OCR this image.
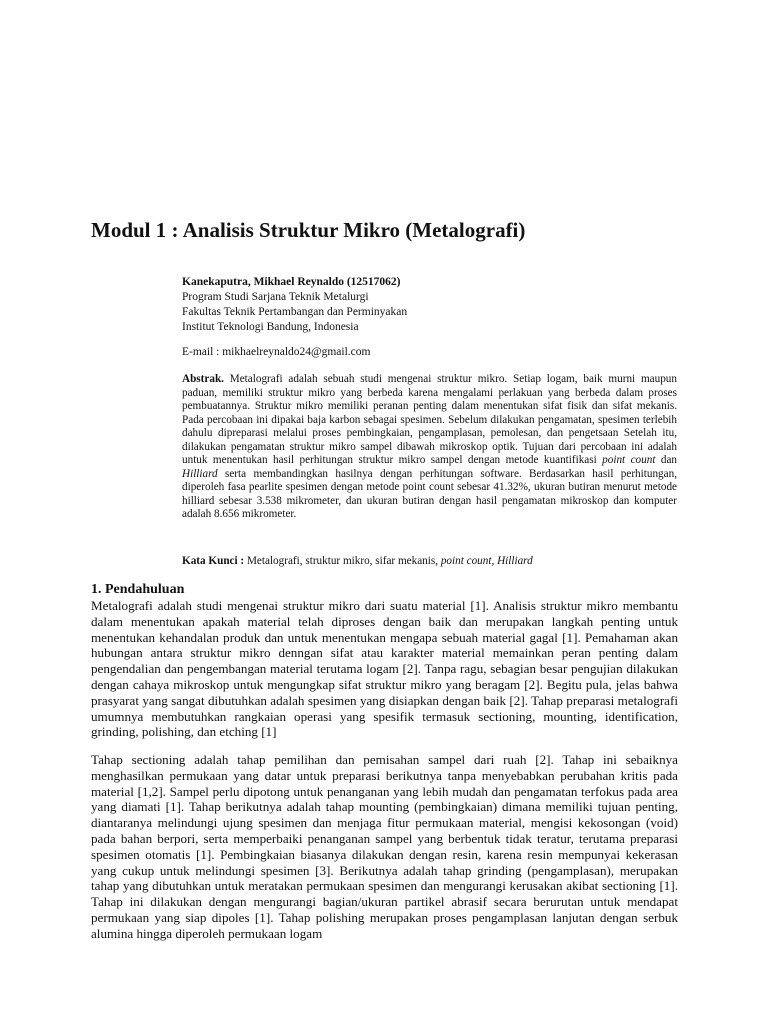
Modul 1 : Analisis Struktur Mikro (Metalografi)
Kanekaputra, Mikhael Reynaldo (12517062)
Program Studi Sarjana Teknik Metalurgi
Fakultas Teknik Pertambangan dan Perminyakan
Institut Teknologi Bandung, Indonesia
E-mail : mikhaelreynaldo24@gmail.com

Abstrak. Metalografi adalah sebuah studi mengenai struktur mikro. Setiap logam, baik murni maupun paduan, memiliki struktur mikro yang berbeda karena mengalami perlakuan yang berbeda dalam proses pembuatannya. Struktur mikro memiliki peranan penting dalam menentukan sifat fisik dan sifat mekanis. Pada percobaan ini dipakai baja karbon sebagai spesimen. Sebelum dilakukan pengamatan, spesimen terlebih dahulu dipreparasi melalui proses pembingkaian, pengamplasan, pemolesan, dan pengetsaan Setelah itu, dilakukan pengamatan struktur mikro sampel dibawah mikroskop optik. Tujuan dari percobaan ini adalah untuk menentukan hasil perhitungan struktur mikro sampel dengan metode kuantifikasi point count dan Hilliard serta membandingkan hasilnya dengan perhitungan software. Berdasarkan hasil perhitungan, diperoleh fasa pearlite spesimen dengan metode point count sebesar 41.32%, ukuran butiran menurut metode hilliard sebesar 3.538 mikrometer, dan ukuran butiran dengan hasil pengamatan mikroskop dan komputer adalah 8.656 mikrometer.

Kata Kunci : Metalografi, struktur mikro, sifar mekanis, point count, Hilliard

1. Pendahuluan

Metalografi adalah studi mengenai struktur mikro dari suatu material [1]. Analisis struktur mikro membantu dalam menentukan apakah material telah diproses dengan baik dan merupakan langkah penting untuk menentukan kehandalan produk dan untuk menentukan mengapa sebuah material gagal [1]. Pemahaman akan hubungan antara struktur mikro denngan sifat atau karakter material memainkan peran penting dalam pengendalian dan pengembangan material terutama logam [2]. Tanpa ragu, sebagian besar pengujian dilakukan dengan cahaya mikroskop untuk mengungkap sifat struktur mikro yang beragam [2]. Begitu pula, jelas bahwa prasyarat yang sangat dibutuhkan adalah spesimen yang disiapkan dengan baik [2]. Tahap preparasi metalografi umumnya membutuhkan rangkaian operasi yang spesifik termasuk sectioning, mounting, identification, grinding, polishing, dan etching [1]

Tahap sectioning adalah tahap pemilihan dan pemisahan sampel dari ruah [2]. Tahap ini sebaiknya menghasilkan permukaan yang datar untuk preparasi berikutnya tanpa menyebabkan perubahan kritis pada material [1,2]. Sampel perlu dipotong untuk penanganan yang lebih mudah dan pengamatan terfokus pada area yang diamati [1]. Tahap berikutnya adalah tahap mounting (pembingkaian) dimana memiliki tujuan penting, diantaranya melindungi ujung spesimen dan menjaga fitur permukaan material, mengisi kekosongan (void) pada bahan berpori, serta memperbaiki penanganan sampel yang berbentuk tidak teratur, terutama preparasi spesimen otomatis [1]. Pembingkaian biasanya dilakukan dengan resin, karena resin mempunyai kekerasan yang cukup untuk melindungi spesimen [3]. Berikutnya adalah tahap grinding (pengamplasan), merupakan tahap yang dibutuhkan untuk meratakan permukaan spesimen dan mengurangi kerusakan akibat sectioning [1]. Tahap ini dilakukan dengan mengurangi bagian/ukuran partikel abrasif secara berurutan untuk mendapat permukaan yang siap dipoles [1]. Tahap polishing merupakan proses pengamplasan lanjutan dengan serbuk alumina hingga diperoleh permukaan logam
